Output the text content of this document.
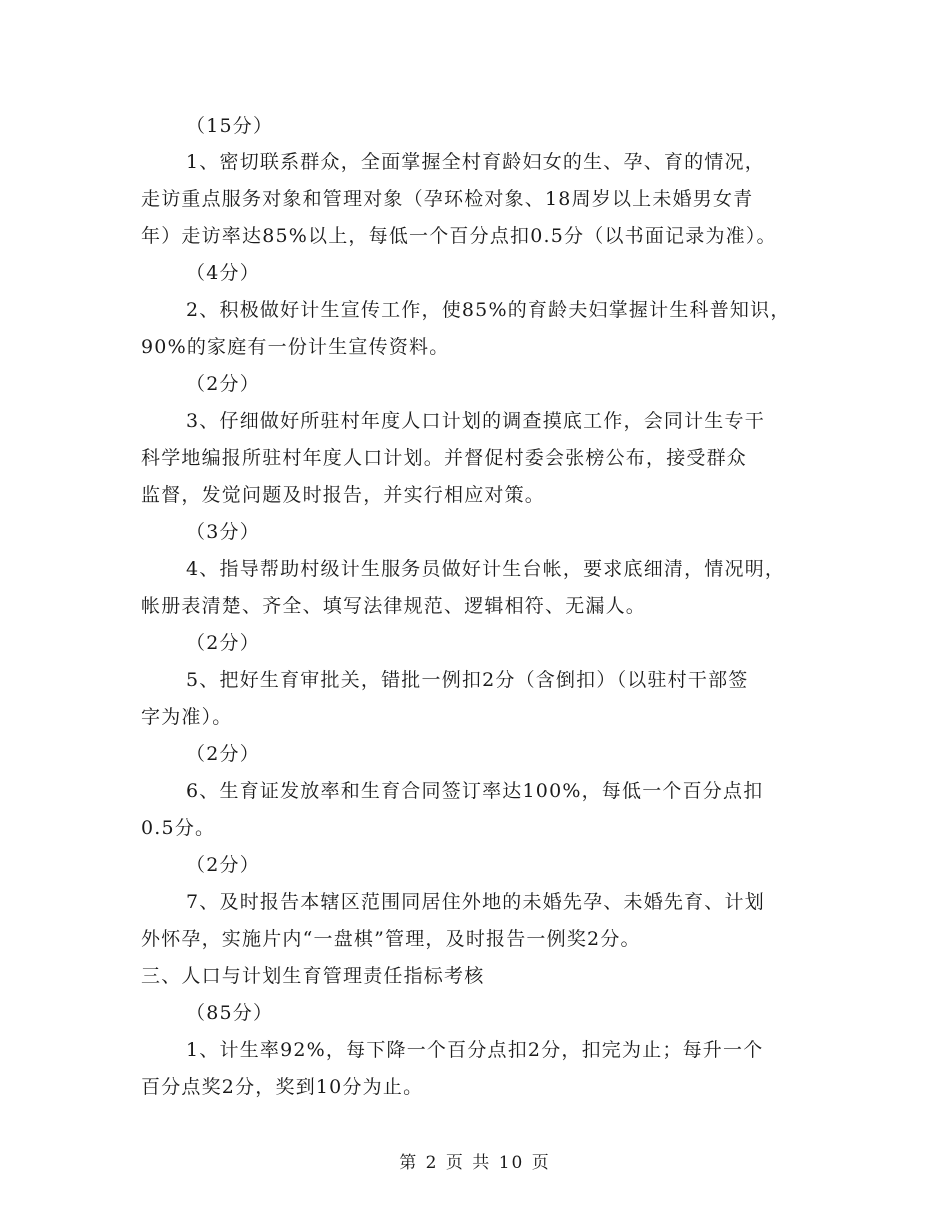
（15分）
1、密切联系群众，全面掌握全村育龄妇女的生、孕、育的情况，
走访重点服务对象和管理对象（孕环检对象、18周岁以上未婚男女青
年）走访率达85%以上，每低一个百分点扣0.5分（以书面记录为准）。
（4分）
2、积极做好计生宣传工作，使85%的育龄夫妇掌握计生科普知识，
90%的家庭有一份计生宣传资料。
（2分）
3、仔细做好所驻村年度人口计划的调查摸底工作，会同计生专干
科学地编报所驻村年度人口计划。并督促村委会张榜公布，接受群众
监督，发觉问题及时报告，并实行相应对策。
（3分）
4、指导帮助村级计生服务员做好计生台帐，要求底细清，情况明，
帐册表清楚、齐全、填写法律规范、逻辑相符、无漏人。
（2分）
5、把好生育审批关，错批一例扣2分（含倒扣）（以驻村干部签
字为准）。
（2分）
6、生育证发放率和生育合同签订率达100%，每低一个百分点扣
0.5分。
（2分）
7、及时报告本辖区范围同居住外地的未婚先孕、未婚先育、计划
外怀孕，实施片内“一盘棋”管理，及时报告一例奖2分。
三、人口与计划生育管理责任指标考核
（85分）
1、计生率92%，每下降一个百分点扣2分，扣完为止；每升一个
百分点奖2分，奖到10分为止。
第 2 页 共 10 页
